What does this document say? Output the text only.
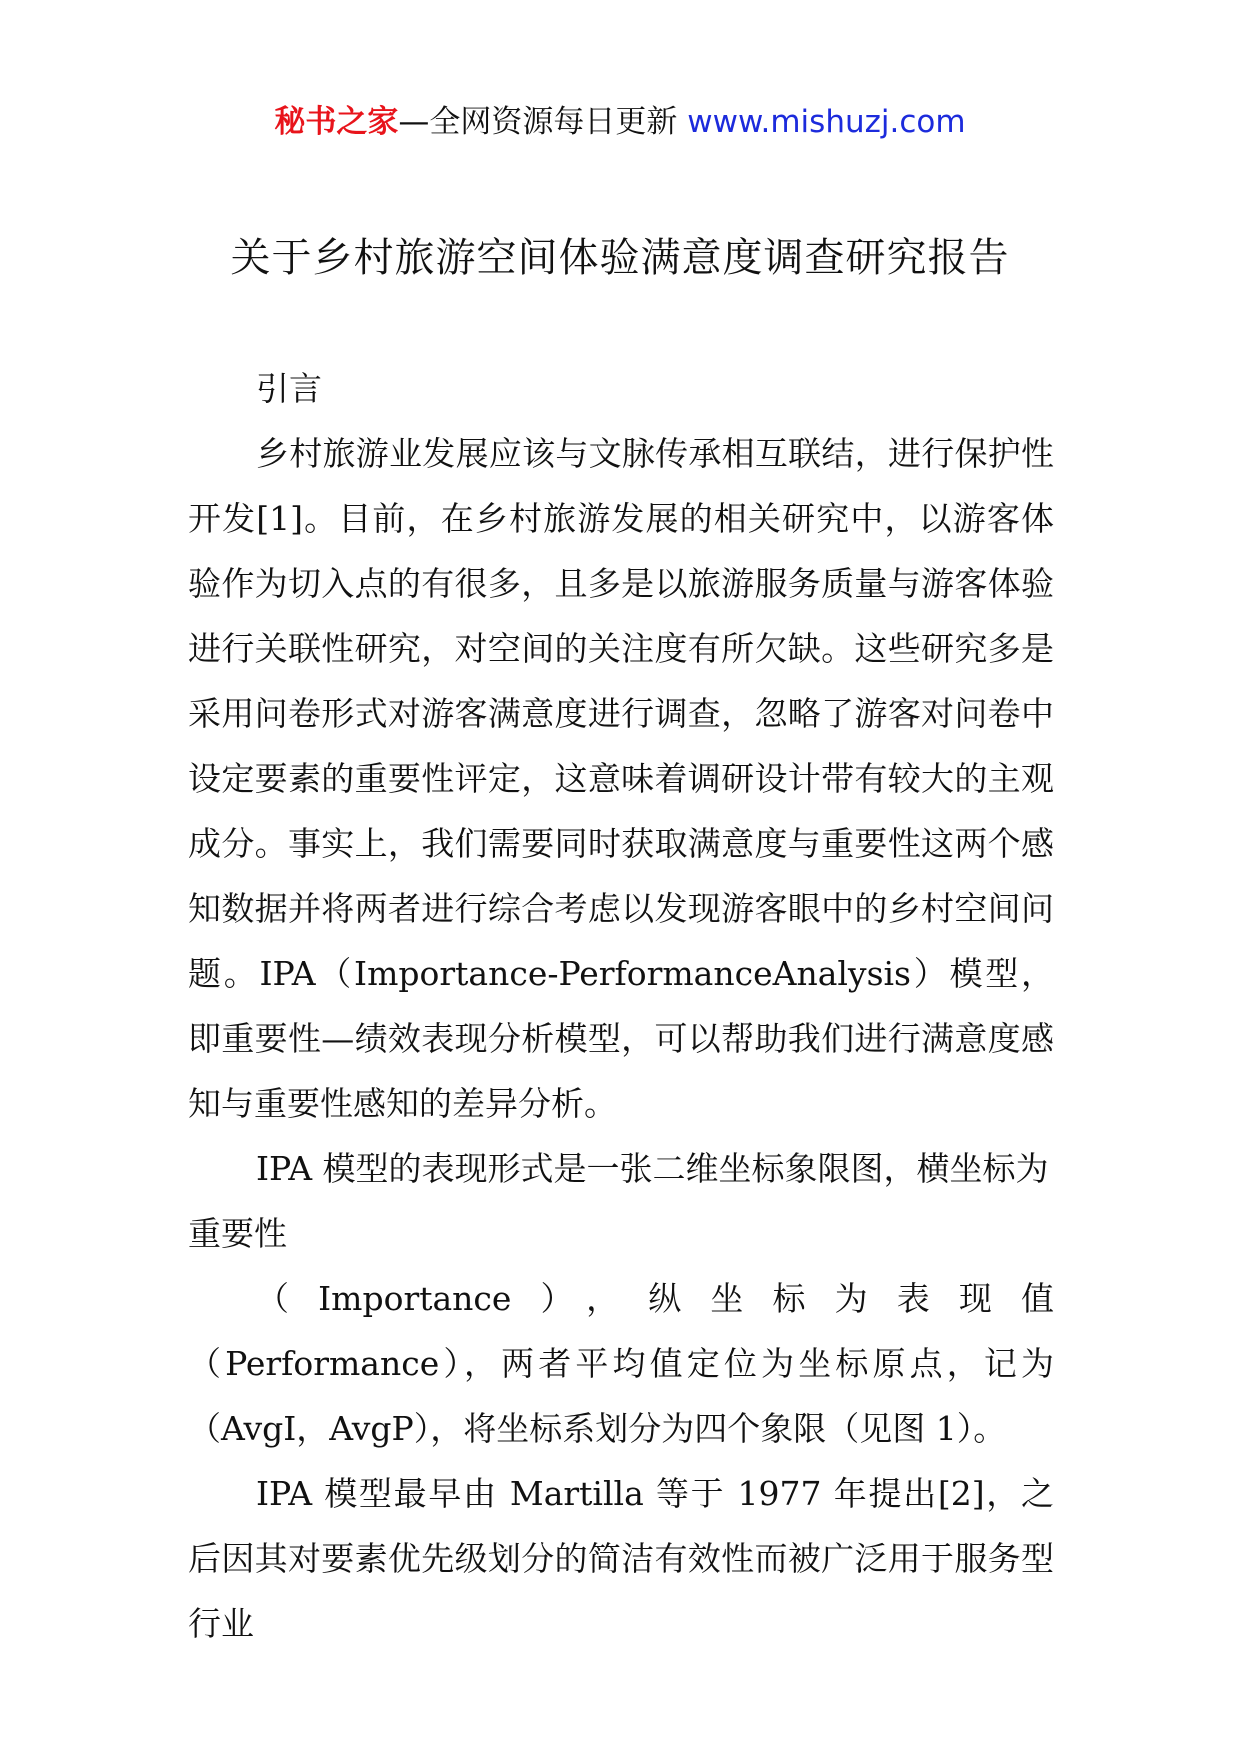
秘书之家—全网资源每日更新 www.mishuzj.com
关于乡村旅游空间体验满意度调查研究报告

引言

乡村旅游业发展应该与文脉传承相互联结，进行保护性开发[1]。目前，在乡村旅游发展的相关研究中，以游客体验作为切入点的有很多，且多是以旅游服务质量与游客体验进行关联性研究，对空间的关注度有所欠缺。这些研究多是采用问卷形式对游客满意度进行调查，忽略了游客对问卷中设定要素的重要性评定，这意味着调研设计带有较大的主观成分。事实上，我们需要同时获取满意度与重要性这两个感知数据并将两者进行综合考虑以发现游客眼中的乡村空间问题。IPA（Importance-PerformanceAnalysis）模型，即重要性—绩效表现分析模型，可以帮助我们进行满意度感知与重要性感知的差异分析。

IPA 模型的表现形式是一张二维坐标象限图，横坐标为

重要性

（Importance），纵坐标为表现值（Performance），两者平均值定位为坐标原点，记为（AvgI，AvgP），将坐标系划分为四个象限（见图 1）。

IPA 模型最早由 Martilla 等于 1977 年提出[2]，之后因其对要素优先级划分的简洁有效性而被广泛用于服务型行业
